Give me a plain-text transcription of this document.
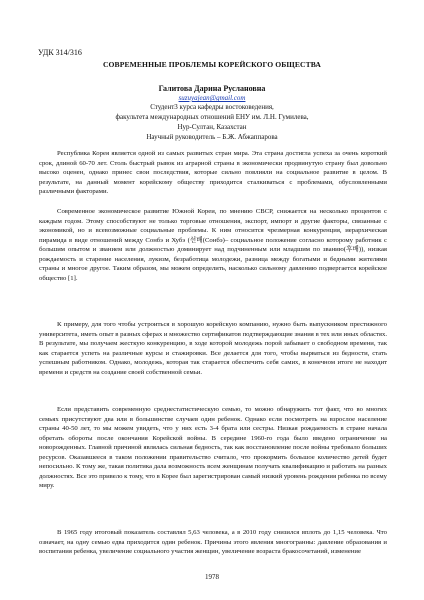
УДК 314/316
СОВРЕМЕННЫЕ ПРОБЛЕМЫ КОРЕЙСКОГО ОБЩЕСТВА
Галитова Дарина Руслановна
suzuyajean@gmail.com
Студент3 курса кафедры востоковедения,
факультета международных отношений ЕНУ им. Л.Н. Гумилева,
Нур-Султан, Казахстан
Научный руководитель – Б.Ж. Абжаппарова

Республика Корея является одной из самых развитых стран мира. Эта страна достигла успеха за очень короткий срок, длиной 60-70 лет. Столь быстрый рывок из аграрной страны в экономически продвинутую страну был довольно высоко оценен, однако принес свои последствия, которые сильно повлияли на социальное развитие в целом. В результате, на данный момент корейскому обществу приходится сталкиваться с проблемами, обусловленными различными факторами.

Современное экономическое развитие Южной Кореи, по мнению СВСР, снижается на несколько процентов с каждым годом. Этому способствуют не только торговые отношения, экспорт, импорт и другие факторы, связанные с экономикой, но и всевозможные социальные проблемы. К ним относится чрезмерная конкуренция, иерархическая пирамида в виде отношений между Сонбэ и Хубэ (선배(Сонбэ)– социальное положение согласно которому работник с большим опытом и званием или должностью доминирует над подчиненным или младшим по званию(후배)), низкая рождаемость и старение населения, лукизм, безработица молодежи, разница между богатыми и бедными жителями страны и многое другое. Таким образом, мы можем определить, насколько сильному давлению подвергается корейское общество [1].

К примеру, для того чтобы устроиться в хорошую корейскую компанию, нужно быть выпускником престижного университета, иметь опыт в разных сферах и множество сертификатов подтверждающие знания в тех или иных областях. В результате, мы получаем жесткую конкуренцию, в ходе которой молодежь порой забывает о свободном времени, так как старается успеть на различные курсы и стажировки. Все делается для того, чтобы вырваться из бедности, стать успешным работником. Однако, молодежь, которая так старается обеспечить себя самих, в конечном итоге не находит времени и средств на создание своей собственной семьи.

Если представить современную среднестатистическую семью, то можно обнаружить тот факт, что во многих семьях присутствуют два или в большинстве случаев один ребенок. Однако если посмотреть на взрослое население страны 40-50 лет, то мы можем увидеть, что у них есть 3-4 брата или сестры. Низкая рождаемость в стране начала обретать обороты после окончания Корейской войны. В середине 1960-го года было введено ограничение на новорожденных. Главной причиной являлась сильная бедность, так как восстановление после войны требовало больших ресурсов. Оказавшееся в таком положении правительство считало, что прокормить большое количество детей будет непосильно. К тому же, такая политика дала возможность всем женщинам получать квалификацию и работать на разных должностях. Все это привело к тому, что в Корее был зарегистрирован самый низкий уровень рождения ребенка по всему миру.

В 1965 году итоговый показатель составлял 5,63 человека, а в 2010 году снизился вплоть до 1,15 человека. Что означает, на одну семью едва приходится один ребенок. Причины этого явления многогранны: давление образования и воспитания ребенка, увеличение социального участия женщин, увеличение возраста бракосочетаний, изменение

1978
